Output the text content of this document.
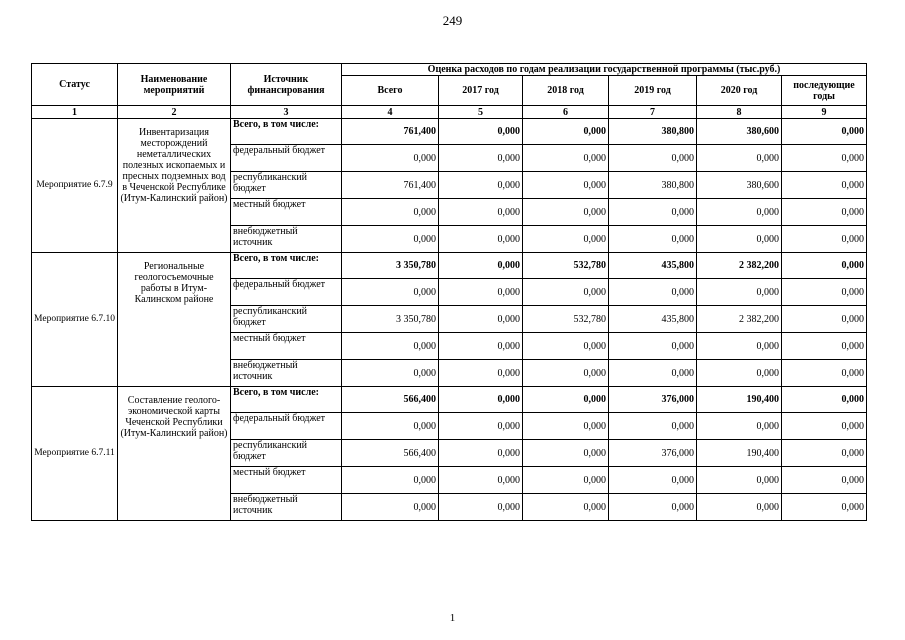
249
Статус	Наименование мероприятий	Источник финансирования	Оценка расходов по годам реализации государственной программы (тыс.руб.)					
			Всего	2017 год	2018 год	2019 год	2020 год	последующие годы
1	2	3	4	5	6	7	8	9
Мероприятие 6.7.9	Инвентаризация месторождений неметаллических полезных ископаемых и пресных подземных вод в Чеченской Республике (Итум-Калинский район)	Всего, в том числе:	761,400	0,000	0,000	380,800	380,600	0,000
		федеральный бюджет	0,000	0,000	0,000	0,000	0,000	0,000
		республиканский бюджет	761,400	0,000	0,000	380,800	380,600	0,000
		местный бюджет	0,000	0,000	0,000	0,000	0,000	0,000
		внебюджетный источник	0,000	0,000	0,000	0,000	0,000	0,000
Мероприятие 6.7.10	Региональные геологосъемочные работы в Итум-Калинском районе	Всего, в том числе:	3 350,780	0,000	532,780	435,800	2 382,200	0,000
		федеральный бюджет	0,000	0,000	0,000	0,000	0,000	0,000
		республиканский бюджет	3 350,780	0,000	532,780	435,800	2 382,200	0,000
		местный бюджет	0,000	0,000	0,000	0,000	0,000	0,000
		внебюджетный источник	0,000	0,000	0,000	0,000	0,000	0,000
Мероприятие 6.7.11	Составление геолого-экономической карты Чеченской Республики (Итум-Калинский район)	Всего, в том числе:	566,400	0,000	0,000	376,000	190,400	0,000
		федеральный бюджет	0,000	0,000	0,000	0,000	0,000	0,000
		республиканский бюджет	566,400	0,000	0,000	376,000	190,400	0,000
		местный бюджет	0,000	0,000	0,000	0,000	0,000	0,000
		внебюджетный источник	0,000	0,000	0,000	0,000	0,000	0,000
1
